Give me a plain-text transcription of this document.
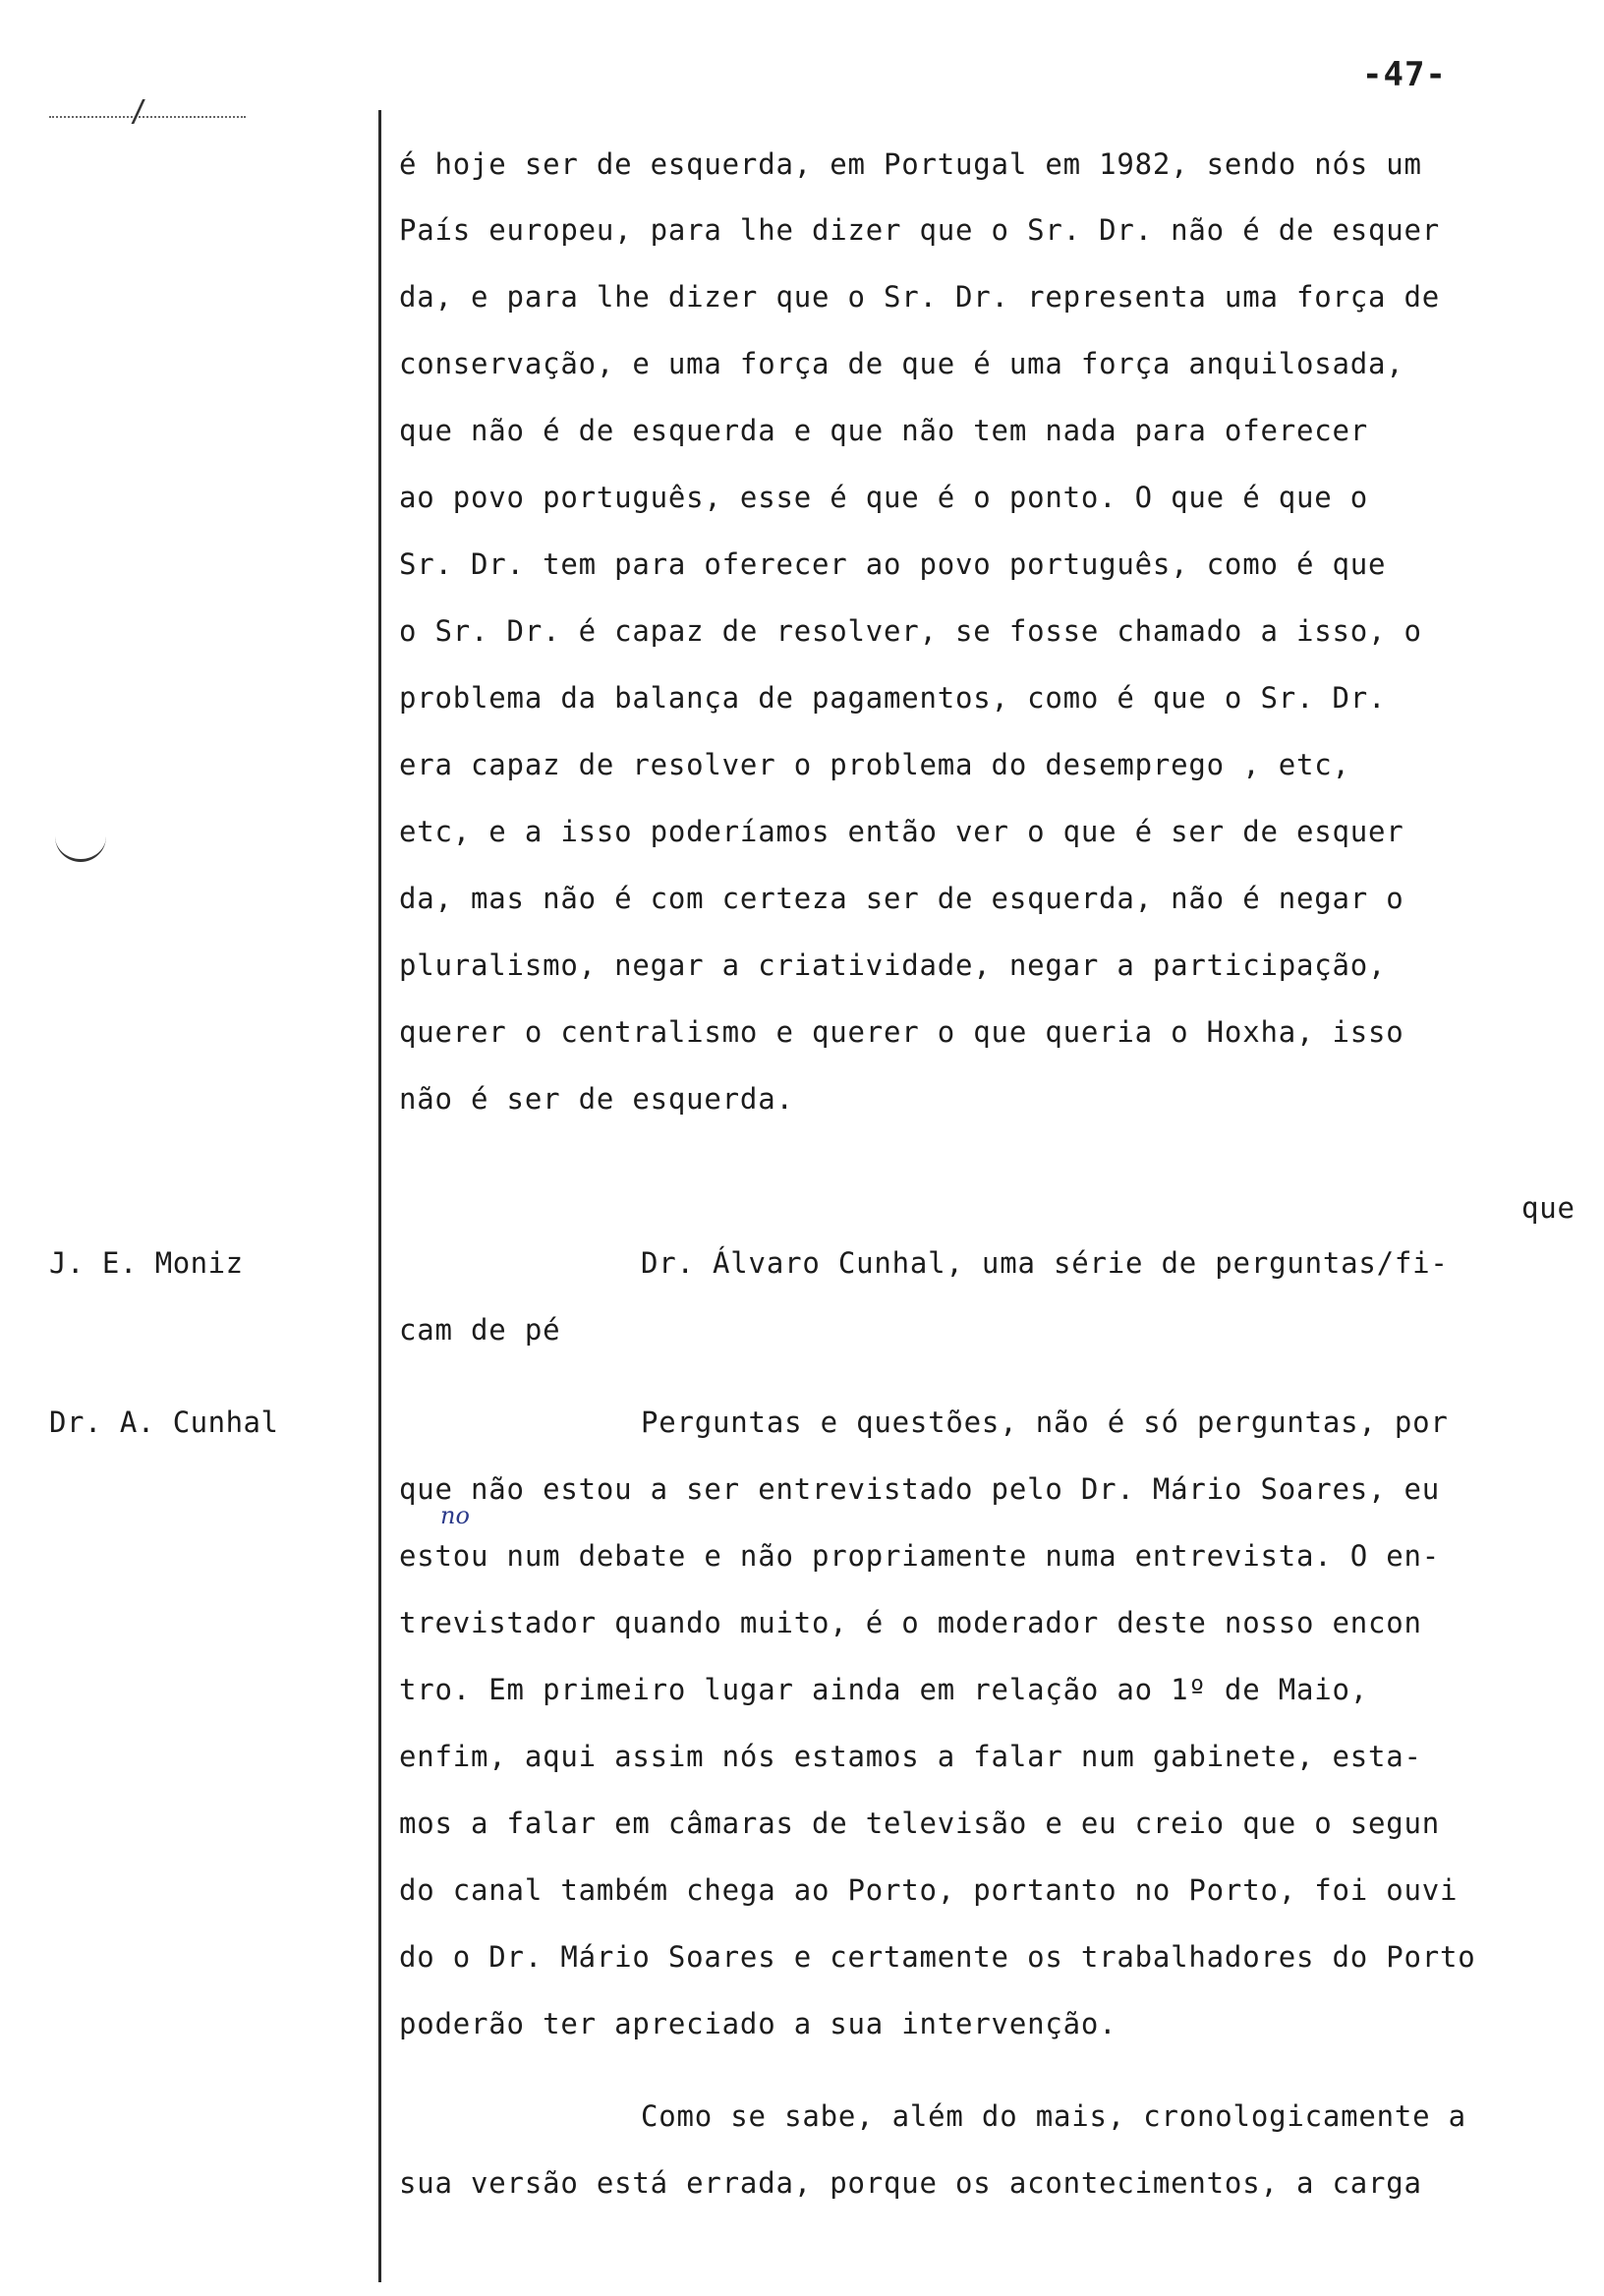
-47-
/
J. E. Moniz
Dr. A. Cunhal
é hoje ser de esquerda, em Portugal em 1982, sendo nós um
País europeu, para lhe dizer que o Sr. Dr. não é de esquer
da, e para lhe dizer que o Sr. Dr. representa uma força de
conservação, e uma força de que é uma força anquilosada,
que não é de esquerda e que não tem nada para oferecer
ao povo português, esse é que é o ponto. O que é que o
Sr. Dr. tem para oferecer ao povo português, como é que
o Sr. Dr. é capaz de resolver, se fosse chamado a isso, o
problema da balança de pagamentos, como é que o Sr. Dr.
era capaz de resolver o problema do desemprego , etc,
etc, e a isso poderíamos então ver o que é ser de esquer
da, mas não é com certeza ser de esquerda, não é negar o
pluralismo, negar a criatividade, negar a participação,
querer o centralismo e querer o que queria o Hoxha, isso
não é ser de esquerda.
que
Dr. Álvaro Cunhal, uma série de perguntas/fi-
cam de pé
Perguntas e questões, não é só perguntas, por
que não estou a ser entrevistado pelo Dr. Mário Soares, eu
no
estou num debate e não propriamente numa entrevista. O en-
trevistador quando muito, é o moderador deste nosso encon
tro. Em primeiro lugar ainda em relação ao 1º de Maio,
enfim, aqui assim nós estamos a falar num gabinete, esta-
mos a falar em câmaras de televisão e eu creio que o segun
do canal também chega ao Porto, portanto no Porto, foi ouvi
do o Dr. Mário Soares e certamente os trabalhadores do Porto
poderão ter apreciado a sua intervenção.
Como se sabe, além do mais, cronologicamente a
sua versão está errada, porque os acontecimentos, a carga
